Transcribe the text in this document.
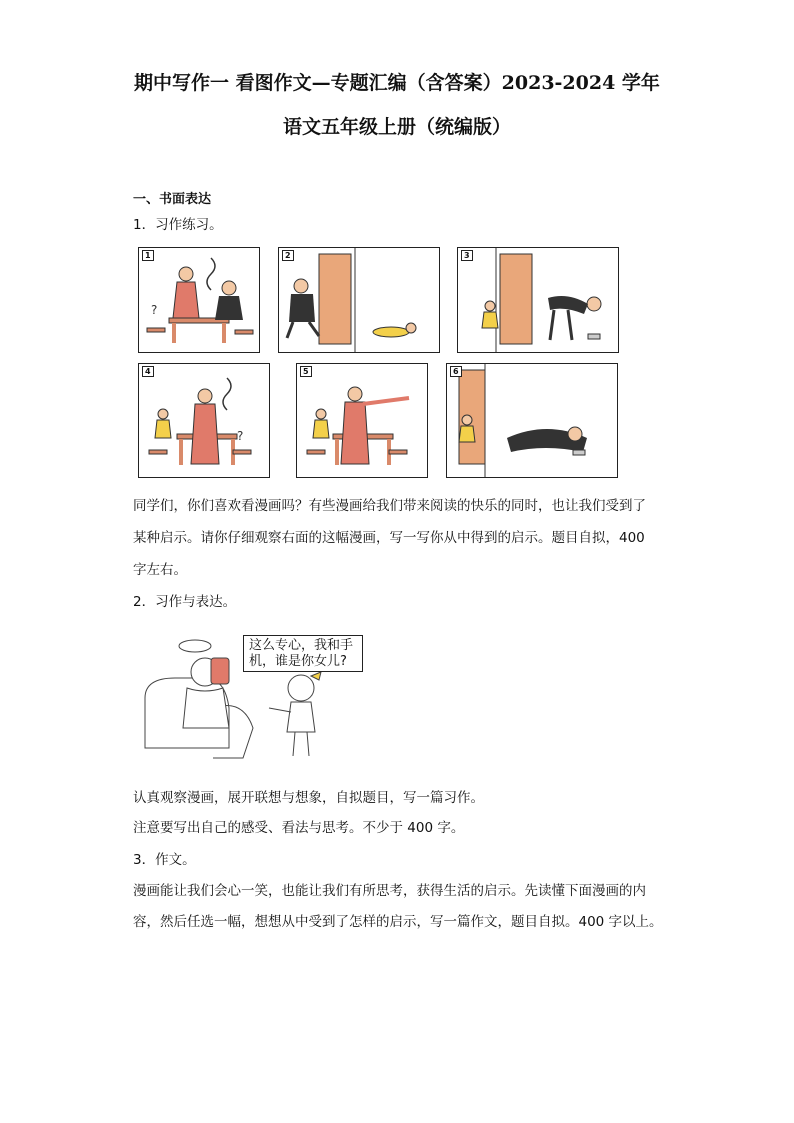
期中写作一 看图作文—专题汇编（含答案）2023-2024 学年
语文五年级上册（统编版）
一、书面表达
1．习作练习。
1
?
2	3
4
?
5	6
同学们，你们喜欢看漫画吗？有些漫画给我们带来阅读的快乐的同时，也让我们受到了
某种启示。请你仔细观察右面的这幅漫画，写一写你从中得到的启示。题目自拟，400
字左右。
2．习作与表达。
这么专心，我和手
机，谁是你女儿?
认真观察漫画，展开联想与想象，自拟题目，写一篇习作。
注意要写出自己的感受、看法与思考。不少于 400 字。
3．作文。
漫画能让我们会心一笑，也能让我们有所思考，获得生活的启示。先读懂下面漫画的内
容，然后任选一幅，想想从中受到了怎样的启示，写一篇作文，题目自拟。400 字以上。
